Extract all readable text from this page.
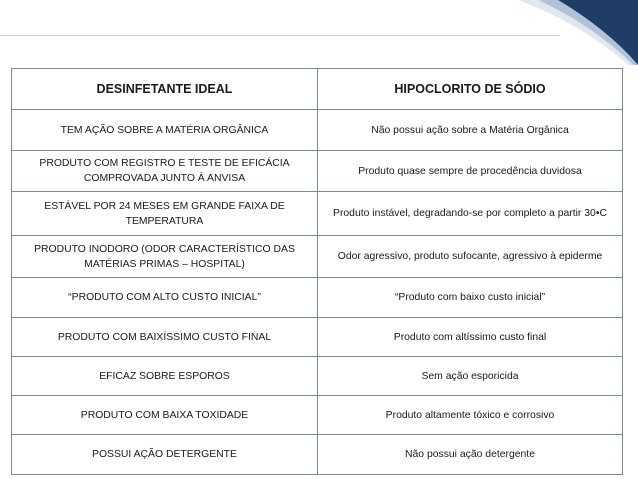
DESINFETANTE IDEAL	HIPOCLORITO DE SÓDIO
TEM AÇÃO SOBRE A MATÉRIA ORGÂNICA	Não possui ação sobre a Matéria Orgânica
PRODUTO COM REGISTRO E TESTE DE EFICÁCIA COMPROVADA JUNTO À ANVISA	Produto quase sempre de procedência duvidosa
ESTÁVEL POR 24 MESES EM GRANDE FAIXA DE TEMPERATURA	Produto instável, degradando-se por completo a partir 30•C
PRODUTO INODORO (ODOR CARACTERÍSTICO DAS MATÉRIAS PRIMAS – HOSPITAL)	Odor agressivo, produto sufocante, agressivo à epiderme
“PRODUTO COM ALTO CUSTO INICIAL”	“Produto com baixo custo inicial”
PRODUTO COM BAIXÍSSIMO CUSTO FINAL	Produto com altíssimo custo final
EFICAZ SOBRE ESPOROS	Sem ação esporicida
PRODUTO COM BAIXA TOXIDADE	Produto altamente tóxico e corrosivo
POSSUI AÇÃO DETERGENTE	Não possui ação detergente
